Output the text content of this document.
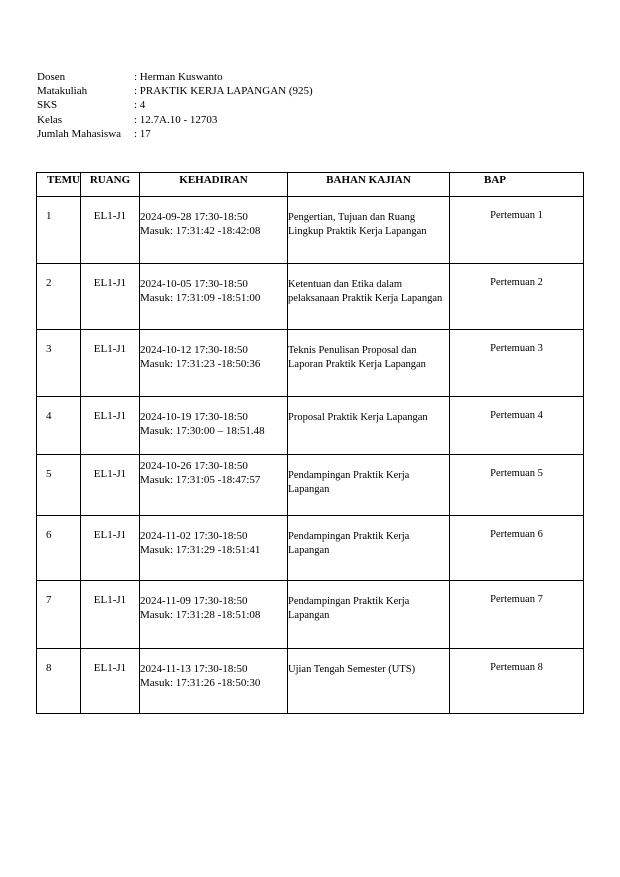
Dosen	: Herman Kuswanto
Matakuliah	: PRAKTIK KERJA LAPANGAN (925)
SKS	: 4
Kelas	: 12.7A.10 - 12703
Jumlah Mahasiswa	: 17
TEMU	RUANG	KEHADIRAN	BAHAN KAJIAN	BAP
1	EL1-J1	2024-09-28 17:30-18:50
Masuk: 17:31:42 -18:42:08	Pengertian, Tujuan dan Ruang Lingkup Praktik Kerja Lapangan	Pertemuan 1
2	EL1-J1	2024-10-05 17:30-18:50
Masuk: 17:31:09 -18:51:00	Ketentuan dan Etika dalam pelaksanaan Praktik Kerja Lapangan	Pertemuan 2
3	EL1-J1	2024-10-12 17:30-18:50
Masuk: 17:31:23 -18:50:36	Teknis Penulisan Proposal dan Laporan Praktik Kerja Lapangan	Pertemuan 3
4	EL1-J1	2024-10-19 17:30-18:50
Masuk: 17:30:00 – 18:51.48	Proposal Praktik Kerja Lapangan	Pertemuan 4
5	EL1-J1	2024-10-26 17:30-18:50
Masuk: 17:31:05 -18:47:57	Pendampingan Praktik Kerja Lapangan	Pertemuan 5
6	EL1-J1	2024-11-02 17:30-18:50
Masuk: 17:31:29 -18:51:41	Pendampingan Praktik Kerja Lapangan	Pertemuan 6
7	EL1-J1	2024-11-09 17:30-18:50
Masuk: 17:31:28 -18:51:08	Pendampingan Praktik Kerja Lapangan	Pertemuan 7
8	EL1-J1	2024-11-13 17:30-18:50
Masuk: 17:31:26 -18:50:30	Ujian Tengah Semester (UTS)	Pertemuan 8
